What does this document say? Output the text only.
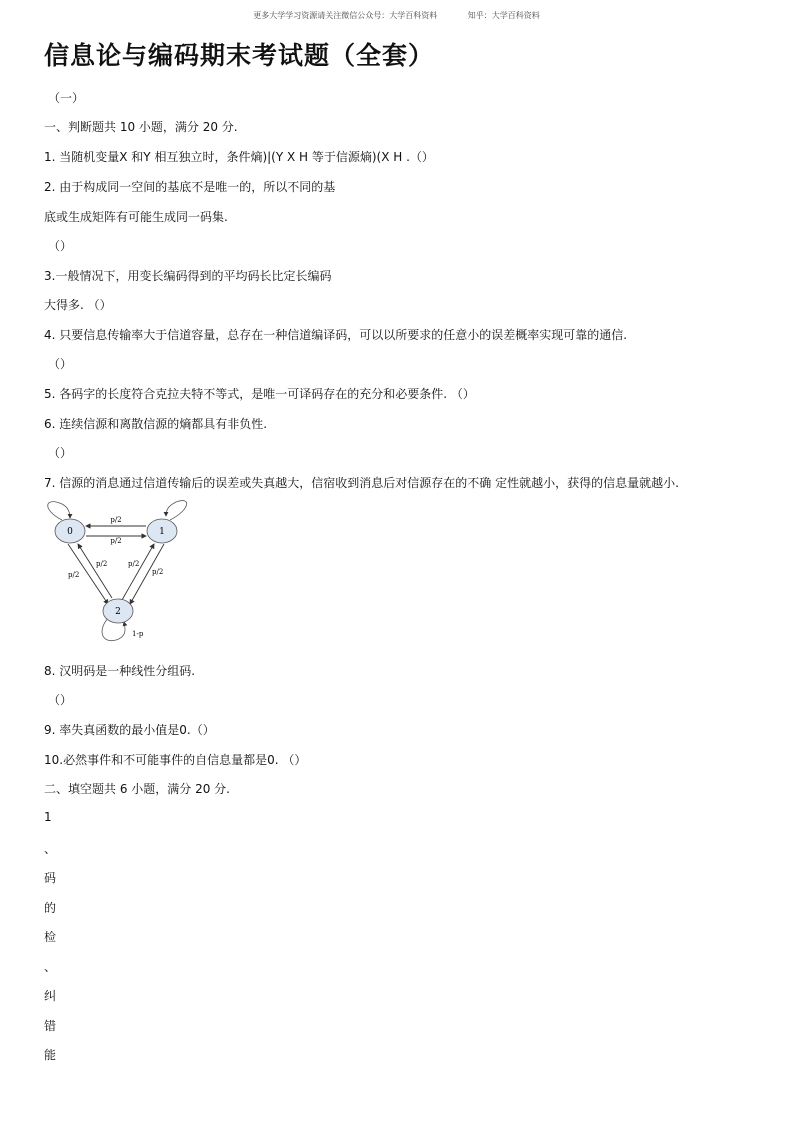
更多大学学习资源请关注微信公众号：大学百科资料	知乎：大学百科资料
信息论与编码期末考试题（全套）
（一）
一、判断题共 10 小题，满分 20 分.
1. 当随机变量X 和Y 相互独立时，条件熵)|(Y X H 等于信源熵)(X H .（）
2. 由于构成同一空间的基底不是唯一的，所以不同的基
底或生成矩阵有可能生成同一码集.
（）
3.一般情况下，用变长编码得到的平均码长比定长编码
大得多. （）
4. 只要信息传输率大于信道容量，总存在一种信道编译码，可以以所要求的任意小的误差概率实现可靠的通信.
（）
5. 各码字的长度符合克拉夫特不等式，是唯一可译码存在的充分和必要条件. （）
6. 连续信源和离散信源的熵都具有非负性.
（）
7. 信源的消息通过信道传输后的误差或失真越大，信宿收到消息后对信源存在的不确 定性就越小，获得的信息量就越小.
0	1
2
p/2
p/2
p/2
p/2	p/2
p/2
1-p
8. 汉明码是一种线性分组码.
（）
9. 率失真函数的最小值是0.（）
10.必然事件和不可能事件的自信息量都是0. （）
二、填空题共 6 小题，满分 20 分.
1
、
码
的
检
、
纠
错
能
